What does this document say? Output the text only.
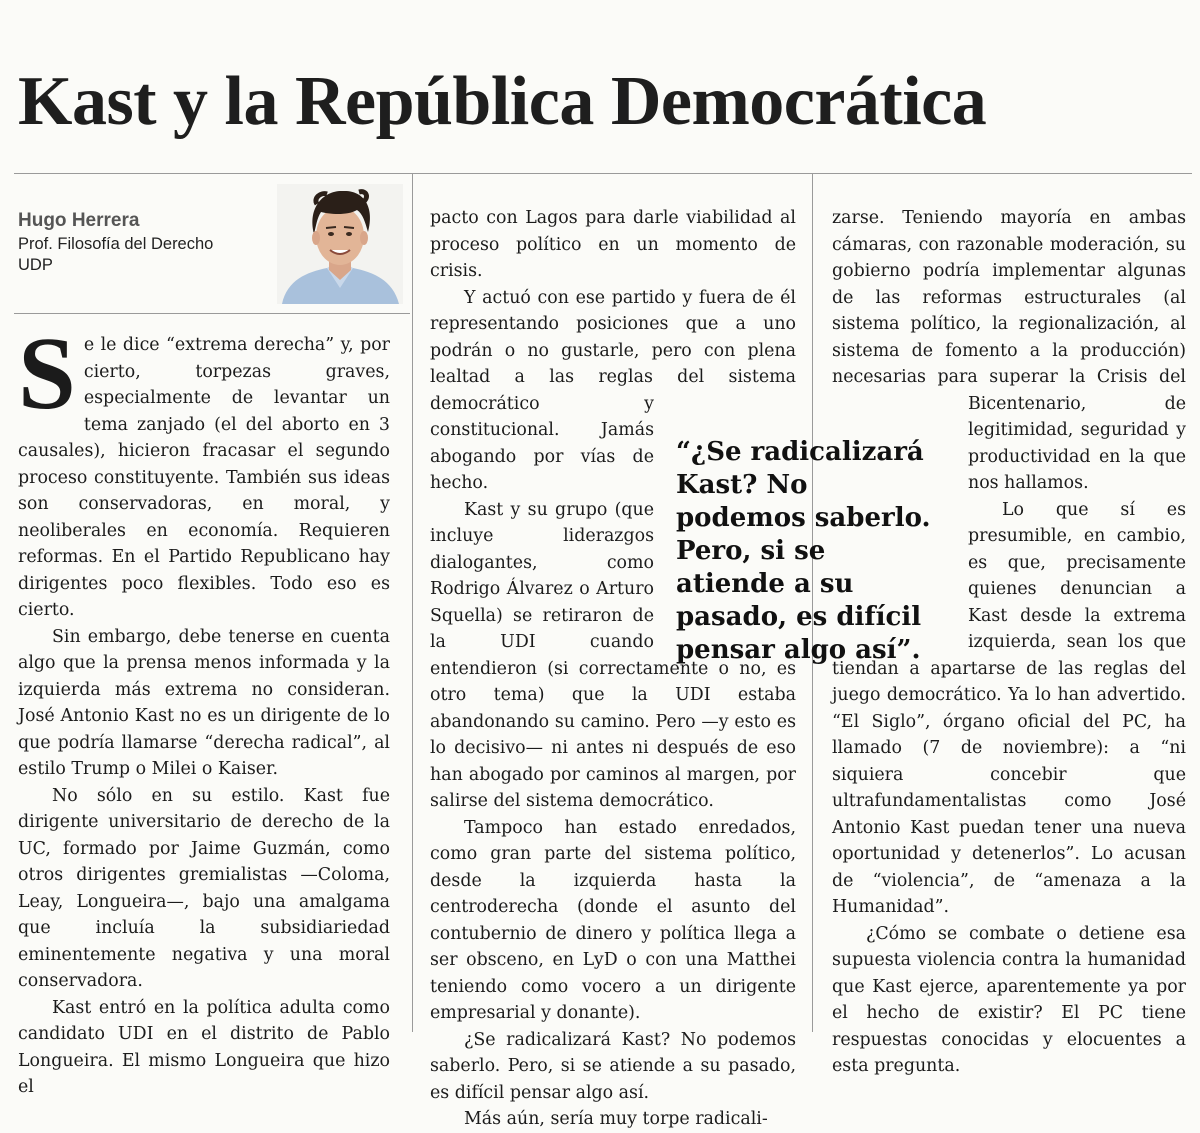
Kast y la República Democrática
Hugo Herrera
Prof. Filosofía del Derecho
UDP

Se le dice “extrema derecha” y, por cierto, torpezas graves, especialmente de levantar un tema zanjado (el del aborto en 3 causales), hicieron fracasar el segundo proceso constituyente. También sus ideas son conservadoras, en moral, y neoliberales en economía. Requieren reformas. En el Partido Republicano hay dirigentes poco flexibles. Todo eso es cierto.

Sin embargo, debe tenerse en cuenta algo que la prensa menos informada y la izquierda más extrema no consideran. José Antonio Kast no es un dirigente de lo que podría llamarse “derecha radical”, al estilo Trump o Milei o Kaiser.

No sólo en su estilo. Kast fue dirigente universitario de derecho de la UC, formado por Jaime Guzmán, como otros dirigentes gremialistas —Coloma, Leay, Longueira—, bajo una amalgama que incluía la subsidiariedad eminentemente negativa y una moral conservadora.

Kast entró en la política adulta como candidato UDI en el distrito de Pablo Longueira. El mismo Longueira que hizo el

pacto con Lagos para darle viabilidad al proceso político en un momento de crisis.

Y actuó con ese partido y fuera de él representando posiciones que a uno podrán o no gustarle, pero con plena lealtad a las reglas del sistema democrático y constitucional. Jamás abogando por vías de hecho.

Kast y su grupo (que incluye liderazgos dialogantes, como Rodrigo Álvarez o Arturo Squella) se retiraron de la UDI cuando entendieron (si correctamente o no, es otro tema) que la UDI estaba abandonando su camino. Pero —y esto es lo decisivo— ni antes ni después de eso han abogado por caminos al margen, por salirse del sistema democrático.

Tampoco han estado enredados, como gran parte del sistema político, desde la izquierda hasta la centroderecha (donde el asunto del contubernio de dinero y política llega a ser obsceno, en LyD o con una Matthei teniendo como vocero a un dirigente empresarial y donante).

¿Se radicalizará Kast? No podemos saberlo. Pero, si se atiende a su pasado, es difícil pensar algo así.

Más aún, sería muy torpe radicali-

zarse. Teniendo mayoría en ambas cámaras, con razonable moderación, su gobierno podría implementar algunas de las reformas estructurales (al sistema político, la regionalización, al sistema de fomento a la producción) necesarias para superar la Crisis del Bicentenario, de legitimidad, seguridad y productividad en la que nos hallamos.

Lo que sí es presumible, en cambio, es que, precisamente quienes denuncian a Kast desde la extrema izquierda, sean los que tiendan a apartarse de las reglas del juego democrático. Ya lo han advertido. “El Siglo”, órgano oficial del PC, ha llamado (7 de noviembre): a “ni siquiera concebir que ultrafundamentalistas como José Antonio Kast puedan tener una nueva oportunidad y detenerlos”. Lo acusan de “violencia”, de “amenaza a la Humanidad”.

¿Cómo se combate o detiene esa supuesta violencia contra la humanidad que Kast ejerce, aparentemente ya por el hecho de existir? El PC tiene respuestas conocidas y elocuentes a esta pregunta.

“¿Se radicalizará Kast? No podemos saberlo. Pero, si se atiende a su pasado, es difícil pensar algo así”.
